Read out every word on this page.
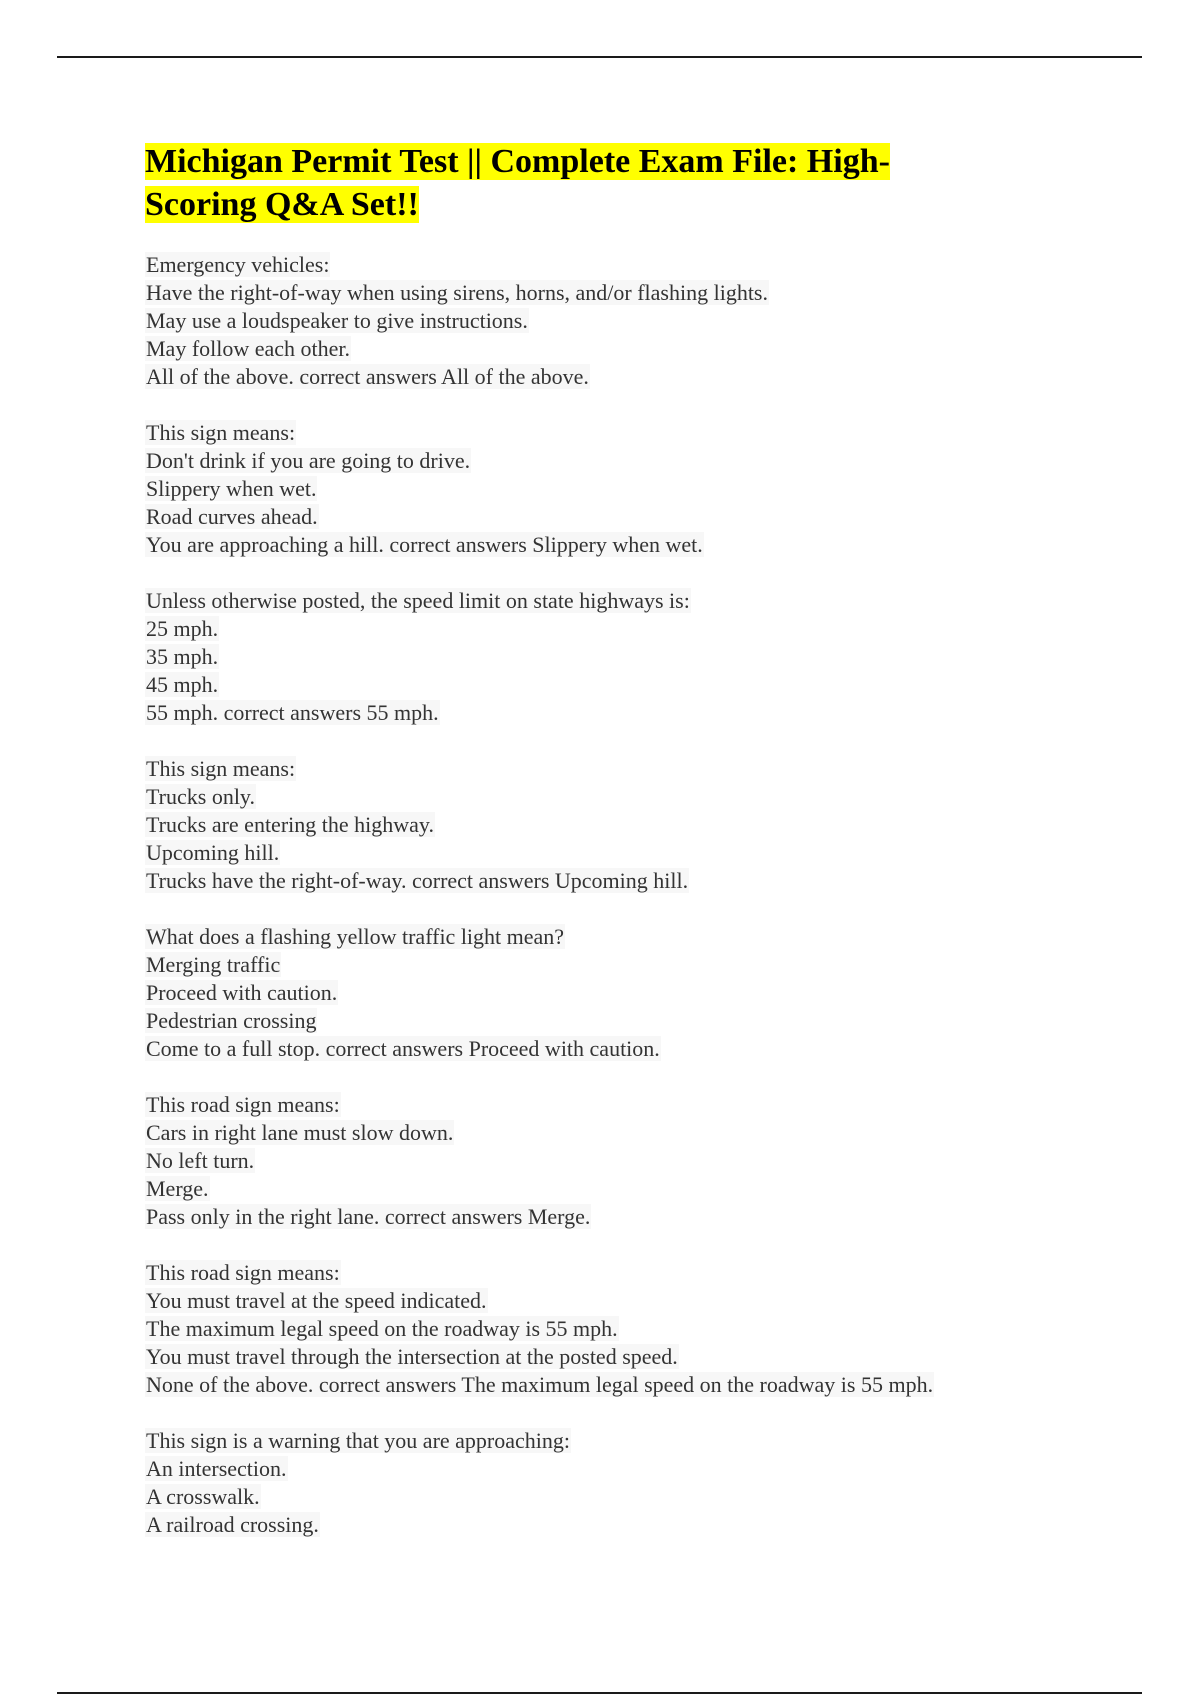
Michigan Permit Test || Complete Exam File: High-Scoring Q&A Set!!
Emergency vehicles:
Have the right-of-way when using sirens, horns, and/or flashing lights.
May use a loudspeaker to give instructions.
May follow each other.
All of the above. correct answers All of the above.
This sign means:
Don't drink if you are going to drive.
Slippery when wet.
Road curves ahead.
You are approaching a hill. correct answers Slippery when wet.
Unless otherwise posted, the speed limit on state highways is:
25 mph.
35 mph.
45 mph.
55 mph. correct answers 55 mph.
This sign means:
Trucks only.
Trucks are entering the highway.
Upcoming hill.
Trucks have the right-of-way. correct answers Upcoming hill.
What does a flashing yellow traffic light mean?
Merging traffic
Proceed with caution.
Pedestrian crossing
Come to a full stop. correct answers Proceed with caution.
This road sign means:
Cars in right lane must slow down.
No left turn.
Merge.
Pass only in the right lane. correct answers Merge.
This road sign means:
You must travel at the speed indicated.
The maximum legal speed on the roadway is 55 mph.
You must travel through the intersection at the posted speed.
None of the above. correct answers The maximum legal speed on the roadway is 55 mph.
This sign is a warning that you are approaching:
An intersection.
A crosswalk.
A railroad crossing.
